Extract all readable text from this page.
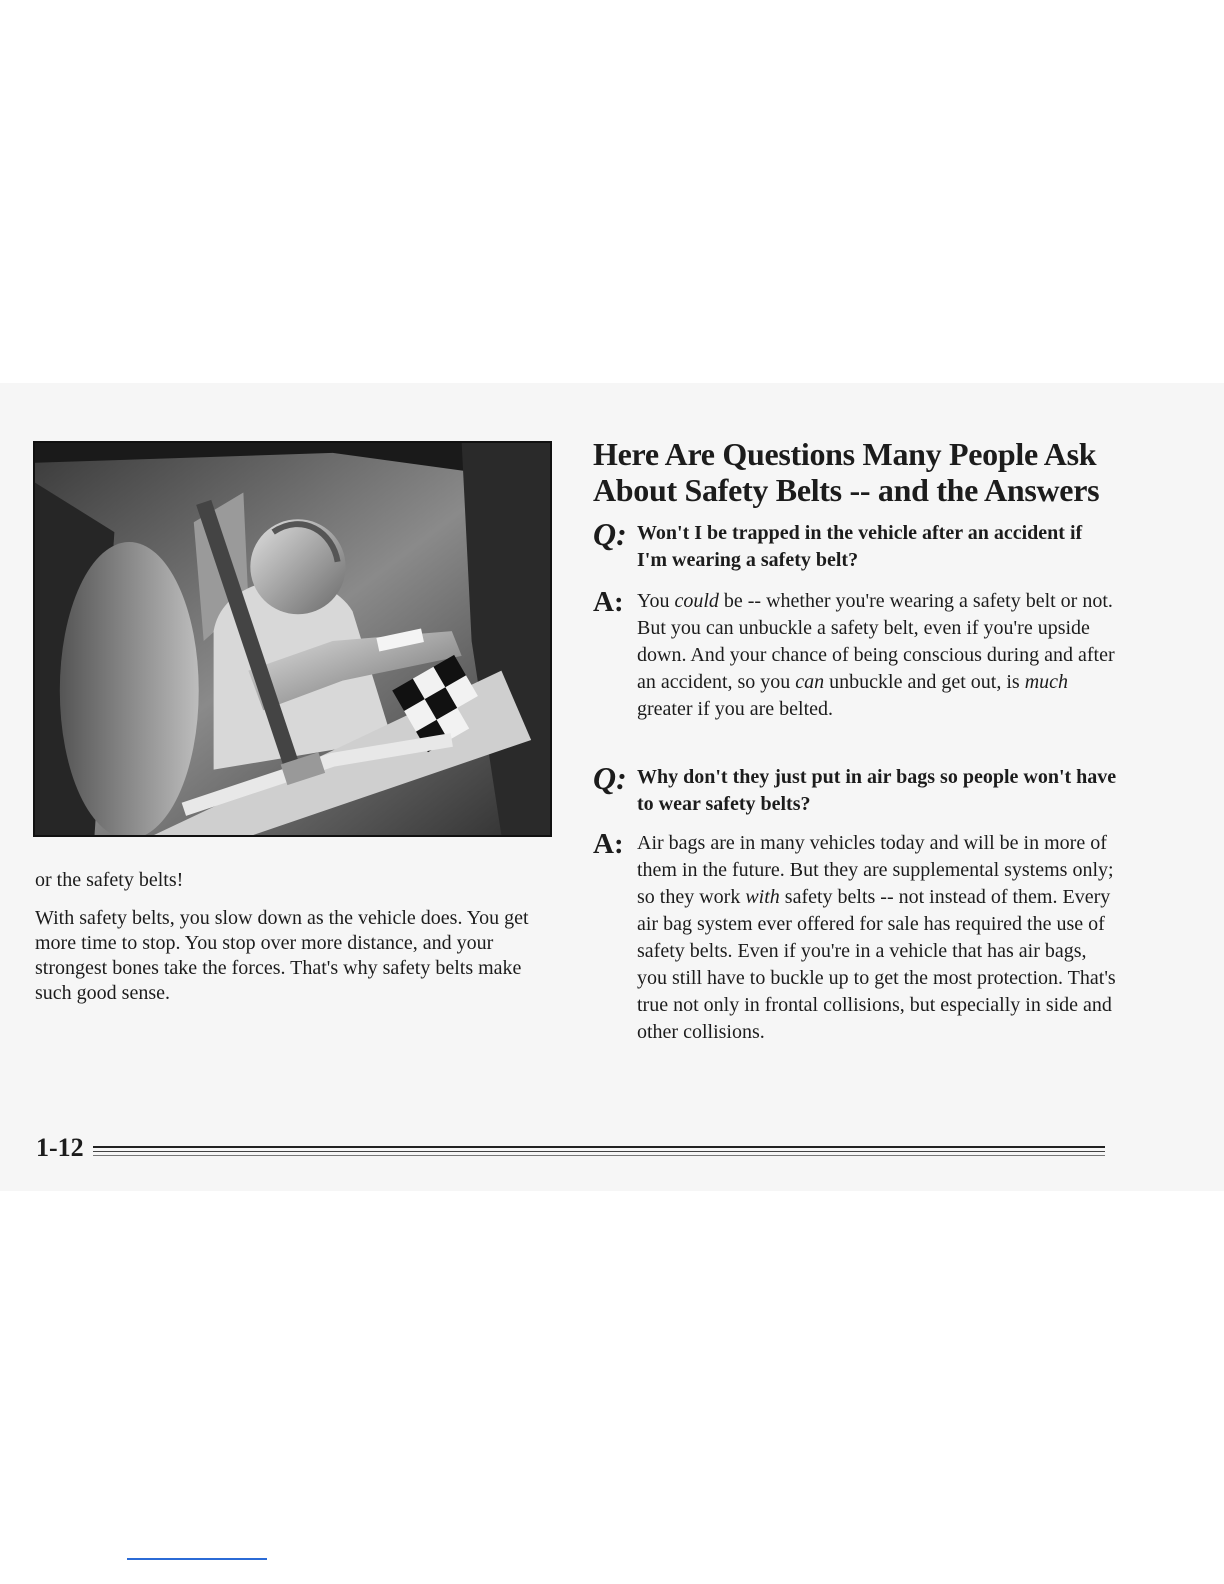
or the safety belts!

With safety belts, you slow down as the vehicle does. You get more time to stop. You stop over more distance, and your strongest bones take the forces. That's why safety belts make such good sense.

Here Are Questions Many People Ask
About Safety Belts -- and the Answers
Q: Won't I be trapped in the vehicle after an accident if I'm wearing a safety belt?
A: You could be -- whether you're wearing a safety belt or not. But you can unbuckle a safety belt, even if you're upside down. And your chance of being conscious during and after an accident, so you can unbuckle and get out, is much greater if you are belted.
Q: Why don't they just put in air bags so people won't have to wear safety belts?
A: Air bags are in many vehicles today and will be in more of them in the future. But they are supplemental systems only; so they work with safety belts -- not instead of them. Every air bag system ever offered for sale has required the use of safety belts. Even if you're in a vehicle that has air bags, you still have to buckle up to get the most protection. That's true not only in frontal collisions, but especially in side and other collisions.
1-12
